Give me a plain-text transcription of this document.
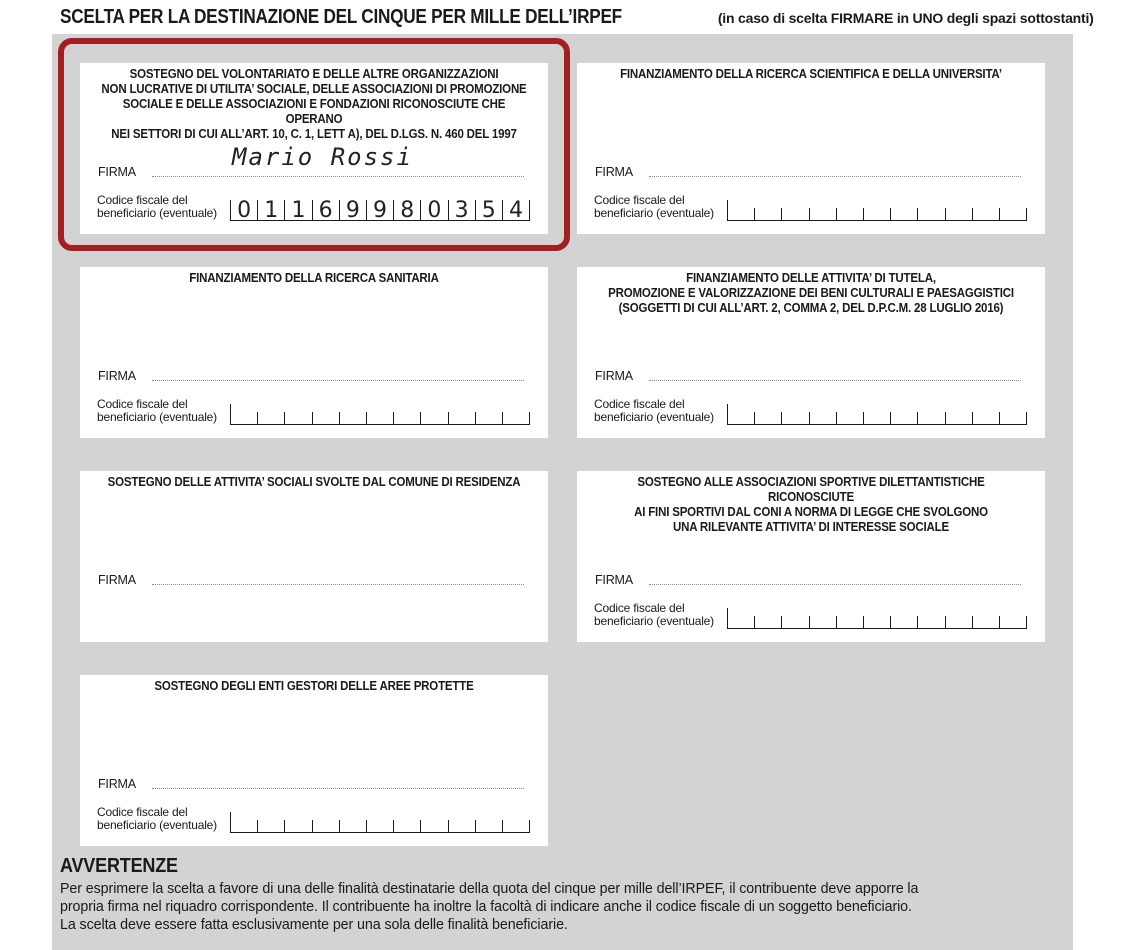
SCELTA PER LA DESTINAZIONE DEL CINQUE PER MILLE DELL’IRPEF	(in caso di scelta FIRMARE in UNO degli spazi sottostanti)
SOSTEGNO DEL VOLONTARIATO E DELLE ALTRE ORGANIZZAZIONI
NON LUCRATIVE DI UTILITA’ SOCIALE, DELLE ASSOCIAZIONI DI PROMOZIONE
SOCIALE E DELLE ASSOCIAZIONI E FONDAZIONI RICONOSCIUTE CHE OPERANO
NEI SETTORI DI CUI ALL’ART. 10, C. 1, LETT A), DEL D.LGS. N. 460 DEL 1997
FIRMA
Mario Rossi
Codice fiscale del
beneficiario (eventuale) 0 1 1 6 9 9 8 0 3 5 4
FINANZIAMENTO DELLA RICERCA SCIENTIFICA E DELLA UNIVERSITA’
FIRMA
Codice fiscale del
beneficiario (eventuale)
FINANZIAMENTO DELLA RICERCA SANITARIA
FIRMA
Codice fiscale del
beneficiario (eventuale)
FINANZIAMENTO DELLE ATTIVITA’ DI TUTELA,
PROMOZIONE E VALORIZZAZIONE DEI BENI CULTURALI E PAESAGGISTICI
(SOGGETTI DI CUI ALL’ART. 2, COMMA 2, DEL D.P.C.M. 28 LUGLIO 2016)
FIRMA
Codice fiscale del
beneficiario (eventuale)
SOSTEGNO DELLE ATTIVITA’ SOCIALI SVOLTE DAL COMUNE DI RESIDENZA
FIRMA
SOSTEGNO ALLE ASSOCIAZIONI SPORTIVE DILETTANTISTICHE RICONOSCIUTE
AI FINI SPORTIVI DAL CONI A NORMA DI LEGGE CHE SVOLGONO
UNA RILEVANTE ATTIVITA’ DI INTERESSE SOCIALE
FIRMA
Codice fiscale del
beneficiario (eventuale)
SOSTEGNO DEGLI ENTI GESTORI DELLE AREE PROTETTE
FIRMA
Codice fiscale del
beneficiario (eventuale)
AVVERTENZE
Per esprimere la scelta a favore di una delle finalità destinatarie della quota del cinque per mille dell’IRPEF, il contribuente deve apporre la
propria firma nel riquadro corrispondente. Il contribuente ha inoltre la facoltà di indicare anche il codice fiscale di un soggetto beneficiario.
La scelta deve essere fatta esclusivamente per una sola delle finalità beneficiarie.
